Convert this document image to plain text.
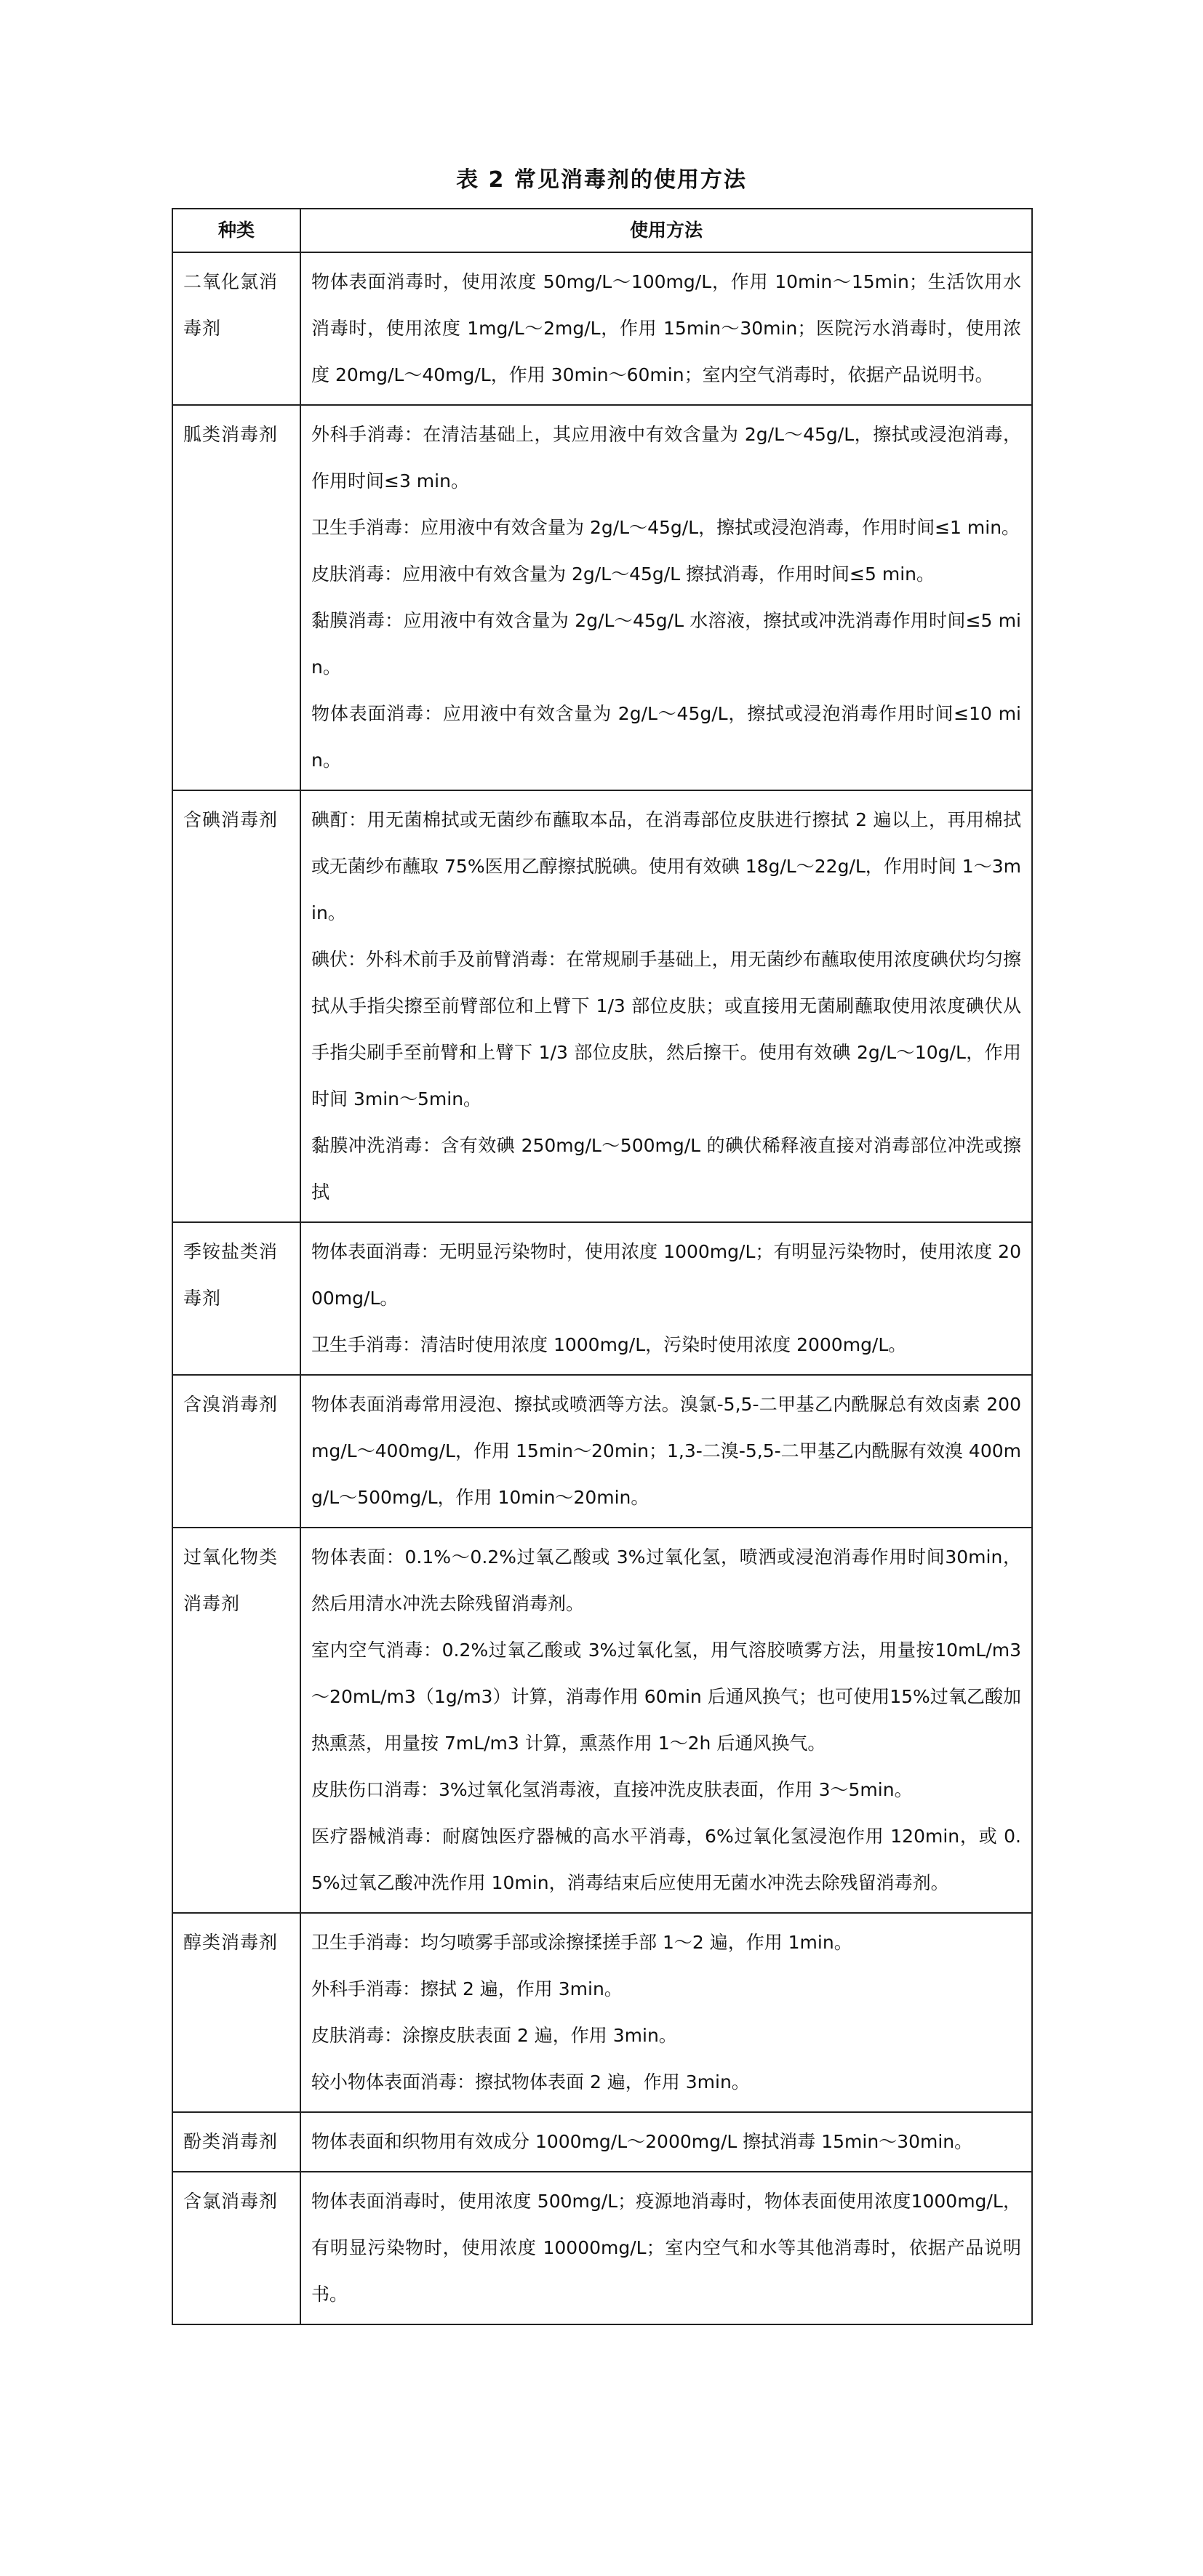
表 2 常见消毒剂的使用方法
种类	使用方法
二氧化氯消毒剂	物体表面消毒时，使用浓度 50mg/L～100mg/L，作用 10min～15min；生活饮用水消毒时，使用浓度 1mg/L～2mg/L，作用 15min～30min；医院污水消毒时，使用浓度 20mg/L～40mg/L，作用 30min～60min；室内空气消毒时，依据产品说明书。

胍类消毒剂	外科手消毒：在清洁基础上，其应用液中有效含量为 2g/L～45g/L，擦拭或浸泡消毒，作用时间≤3 min。
卫生手消毒：应用液中有效含量为 2g/L～45g/L，擦拭或浸泡消毒，作用时间≤1 min。
皮肤消毒：应用液中有效含量为 2g/L～45g/L 擦拭消毒，作用时间≤5 min。
黏膜消毒：应用液中有效含量为 2g/L～45g/L 水溶液，擦拭或冲洗消毒作用时间≤5 min。
物体表面消毒：应用液中有效含量为 2g/L～45g/L，擦拭或浸泡消毒作用时间≤10 min。

含碘消毒剂	碘酊：用无菌棉拭或无菌纱布蘸取本品，在消毒部位皮肤进行擦拭 2 遍以上，再用棉拭或无菌纱布蘸取 75%医用乙醇擦拭脱碘。使用有效碘 18g/L～22g/L，作用时间 1～3min。
碘伏：外科术前手及前臂消毒：在常规刷手基础上，用无菌纱布蘸取使用浓度碘伏均匀擦拭从手指尖擦至前臂部位和上臂下 1/3 部位皮肤；或直接用无菌刷蘸取使用浓度碘伏从手指尖刷手至前臂和上臂下 1/3 部位皮肤，然后擦干。使用有效碘 2g/L～10g/L，作用时间 3min～5min。
黏膜冲洗消毒：含有效碘 250mg/L～500mg/L 的碘伏稀释液直接对消毒部位冲洗或擦拭

季铵盐类消毒剂	物体表面消毒：无明显污染物时，使用浓度 1000mg/L；有明显污染物时，使用浓度 2000mg/L。
卫生手消毒：清洁时使用浓度 1000mg/L，污染时使用浓度 2000mg/L。

含溴消毒剂	物体表面消毒常用浸泡、擦拭或喷洒等方法。溴氯-5,5-二甲基乙内酰脲总有效卤素 200mg/L～400mg/L，作用 15min～20min；1,3-二溴-5,5-二甲基乙内酰脲有效溴 400mg/L～500mg/L，作用 10min～20min。

过氧化物类消毒剂	物体表面：0.1%～0.2%过氧乙酸或 3%过氧化氢，喷洒或浸泡消毒作用时间30min，然后用清水冲洗去除残留消毒剂。
室内空气消毒：0.2%过氧乙酸或 3%过氧化氢，用气溶胶喷雾方法，用量按10mL/m3～20mL/m3（1g/m3）计算，消毒作用 60min 后通风换气；也可使用15%过氧乙酸加热熏蒸，用量按 7mL/m3 计算，熏蒸作用 1～2h 后通风换气。
皮肤伤口消毒：3%过氧化氢消毒液，直接冲洗皮肤表面，作用 3～5min。
医疗器械消毒：耐腐蚀医疗器械的高水平消毒，6%过氧化氢浸泡作用 120min，或 0.5%过氧乙酸冲洗作用 10min，消毒结束后应使用无菌水冲洗去除残留消毒剂。

醇类消毒剂	卫生手消毒：均匀喷雾手部或涂擦揉搓手部 1～2 遍，作用 1min。
外科手消毒：擦拭 2 遍，作用 3min。
皮肤消毒：涂擦皮肤表面 2 遍，作用 3min。
较小物体表面消毒：擦拭物体表面 2 遍，作用 3min。

酚类消毒剂	物体表面和织物用有效成分 1000mg/L～2000mg/L 擦拭消毒 15min～30min。

含氯消毒剂	物体表面消毒时，使用浓度 500mg/L；疫源地消毒时，物体表面使用浓度1000mg/L，有明显污染物时，使用浓度 10000mg/L；室内空气和水等其他消毒时，依据产品说明书。
